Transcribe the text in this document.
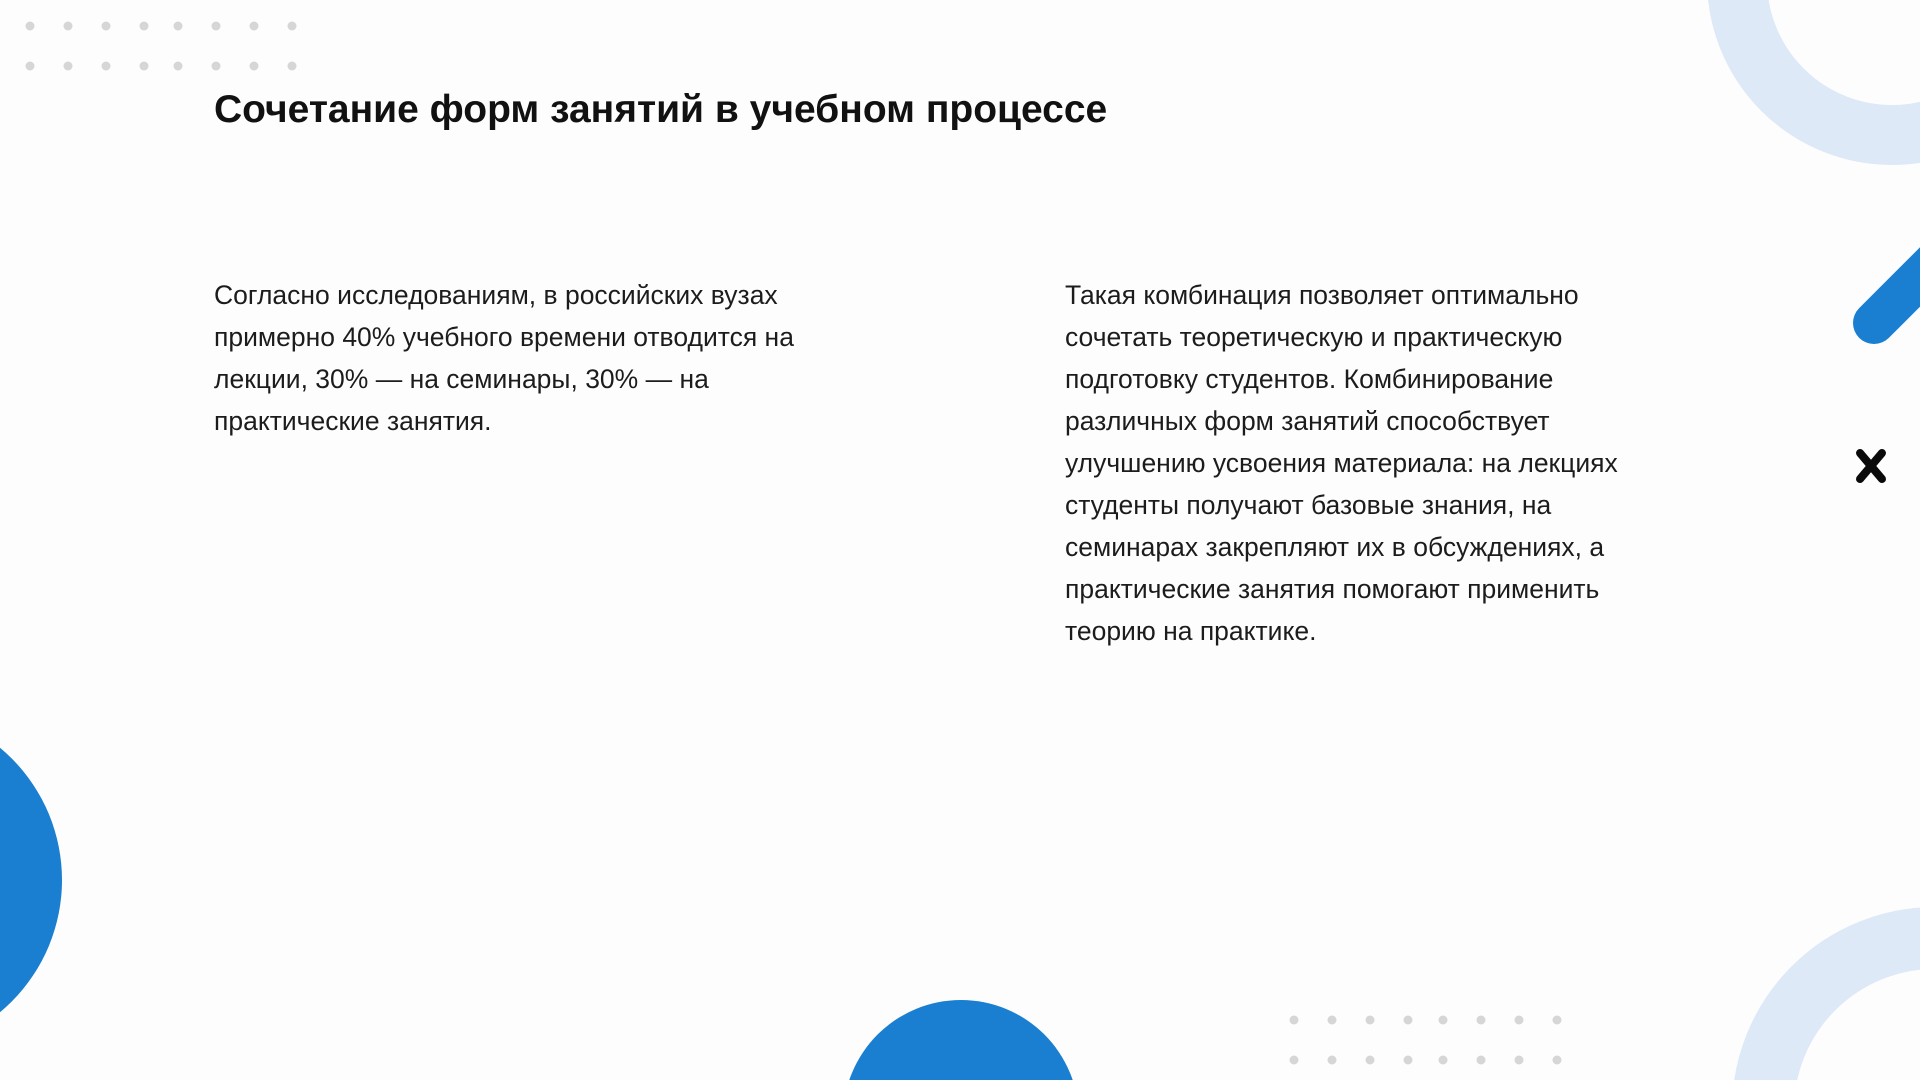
Сочетание форм занятий в учебном процессе

Согласно исследованиям, в российских вузах примерно 40% учебного времени отводится на лекции, 30% — на семинары, 30% — на практические занятия.

Такая комбинация позволяет оптимально сочетать теоретическую и практическую подготовку студентов. Комбинирование различных форм занятий способствует улучшению усвоения материала: на лекциях студенты получают базовые знания, на семинарах закрепляют их в обсуждениях, а практические занятия помогают применить теорию на практике.
